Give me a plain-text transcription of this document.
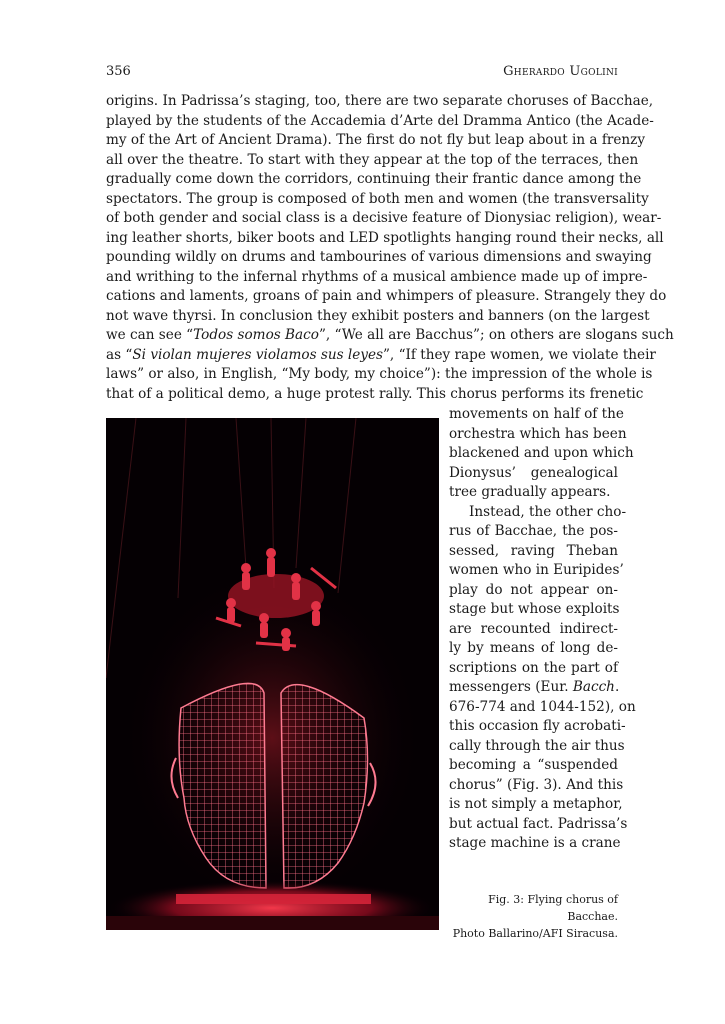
356	Gherardo Ugolini
origins. In Padrissa’s staging, too, there are two separate choruses of Bacchae,
played by the students of the Accademia d’Arte del Dramma Antico (the Acade-
my of the Art of Ancient Drama). The first do not fly but leap about in a frenzy
all over the theatre. To start with they appear at the top of the terraces, then
gradually come down the corridors, continuing their frantic dance among the
spectators. The group is composed of both men and women (the transversality
of both gender and social class is a decisive feature of Dionysiac religion), wear-
ing leather shorts, biker boots and LED spotlights hanging round their necks, all
pounding wildly on drums and tambourines of various dimensions and swaying
and writhing to the infernal rhythms of a musical ambience made up of impre-
cations and laments, groans of pain and whimpers of pleasure. Strangely they do
not wave thyrsi. In conclusion they exhibit posters and banners (on the largest
we can see “Todos somos Baco”, “We all are Bacchus”; on others are slogans such
as “Si violan mujeres violamos sus leyes”, “If they rape women, we violate their
laws” or also, in English, “My body, my choice”): the impression of the whole is
that of a political demo, a huge protest rally. This chorus performs its frenetic
movements on half of the
orchestra which has been
blackened and upon which
Dionysus’ genealogical
tree gradually appears.
Instead, the other cho-
rus of Bacchae, the pos-
sessed, raving Theban
women who in Euripides’
play do not appear on-
stage but whose exploits
are recounted indirect-
ly by means of long de-
scriptions on the part of
messengers (Eur. Bacch.
676-774 and 1044-152), on
this occasion fly acrobati-
cally through the air thus
becoming a “suspended
chorus” (Fig. 3). And this
is not simply a metaphor,
but actual fact. Padrissa’s
stage machine is a crane
Fig. 3: Flying chorus of Bacchae.
Photo Ballarino/AFI Siracusa.
